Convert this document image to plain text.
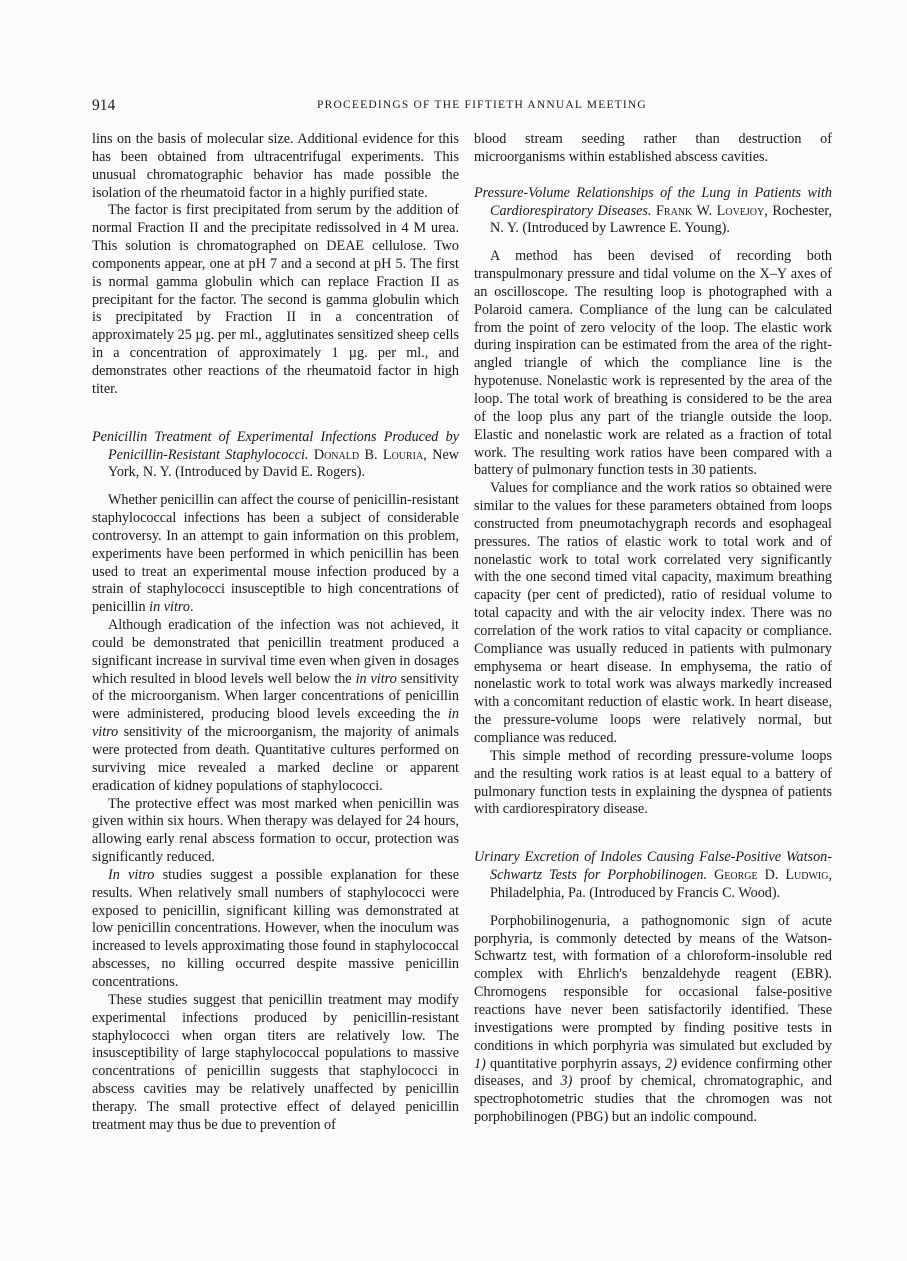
914	PROCEEDINGS OF THE FIFTIETH ANNUAL MEETING

lins on the basis of molecular size. Additional evidence for this has been obtained from ultracentrifugal experiments. This unusual chromatographic behavior has made possible the isolation of the rheumatoid factor in a highly purified state.

The factor is first precipitated from serum by the addition of normal Fraction II and the precipitate redissolved in 4 M urea. This solution is chromatographed on DEAE cellulose. Two components appear, one at pH 7 and a second at pH 5. The first is normal gamma globulin which can replace Fraction II as precipitant for the factor. The second is gamma globulin which is precipitated by Fraction II in a concentration of approximately 25 µg. per ml., agglutinates sensitized sheep cells in a concentration of approximately 1 µg. per ml., and demonstrates other reactions of the rheumatoid factor in high titer.

Penicillin Treatment of Experimental Infections Produced by Penicillin-Resistant Staphylococci. Donald B. Louria, New York, N. Y. (Introduced by David E. Rogers).

Whether penicillin can affect the course of penicillin-resistant staphylococcal infections has been a subject of considerable controversy. In an attempt to gain information on this problem, experiments have been performed in which penicillin has been used to treat an experimental mouse infection produced by a strain of staphylococci insusceptible to high concentrations of penicillin in vitro.

Although eradication of the infection was not achieved, it could be demonstrated that penicillin treatment produced a significant increase in survival time even when given in dosages which resulted in blood levels well below the in vitro sensitivity of the microorganism. When larger concentrations of penicillin were administered, producing blood levels exceeding the in vitro sensitivity of the microorganism, the majority of animals were protected from death. Quantitative cultures performed on surviving mice revealed a marked decline or apparent eradication of kidney populations of staphylococci.

The protective effect was most marked when penicillin was given within six hours. When therapy was delayed for 24 hours, allowing early renal abscess formation to occur, protection was significantly reduced.

In vitro studies suggest a possible explanation for these results. When relatively small numbers of staphylococci were exposed to penicillin, significant killing was demonstrated at low penicillin concentrations. However, when the inoculum was increased to levels approximating those found in staphylococcal abscesses, no killing occurred despite massive penicillin concentrations.

These studies suggest that penicillin treatment may modify experimental infections produced by penicillin-resistant staphylococci when organ titers are relatively low. The insusceptibility of large staphylococcal populations to massive concentrations of penicillin suggests that staphylococci in abscess cavities may be relatively unaffected by penicillin therapy. The small protective effect of delayed penicillin treatment may thus be due to prevention of

blood stream seeding rather than destruction of microorganisms within established abscess cavities.

Pressure-Volume Relationships of the Lung in Patients with Cardiorespiratory Diseases. Frank W. Lovejoy, Rochester, N. Y. (Introduced by Lawrence E. Young).

A method has been devised of recording both transpulmonary pressure and tidal volume on the X–Y axes of an oscilloscope. The resulting loop is photographed with a Polaroid camera. Compliance of the lung can be calculated from the point of zero velocity of the loop. The elastic work during inspiration can be estimated from the area of the right-angled triangle of which the compliance line is the hypotenuse. Nonelastic work is represented by the area of the loop. The total work of breathing is considered to be the area of the loop plus any part of the triangle outside the loop. Elastic and nonelastic work are related as a fraction of total work. The resulting work ratios have been compared with a battery of pulmonary function tests in 30 patients.

Values for compliance and the work ratios so obtained were similar to the values for these parameters obtained from loops constructed from pneumotachygraph records and esophageal pressures. The ratios of elastic work to total work and of nonelastic work to total work correlated very significantly with the one second timed vital capacity, maximum breathing capacity (per cent of predicted), ratio of residual volume to total capacity and with the air velocity index. There was no correlation of the work ratios to vital capacity or compliance. Compliance was usually reduced in patients with pulmonary emphysema or heart disease. In emphysema, the ratio of nonelastic work to total work was always markedly increased with a concomitant reduction of elastic work. In heart disease, the pressure-volume loops were relatively normal, but compliance was reduced.

This simple method of recording pressure-volume loops and the resulting work ratios is at least equal to a battery of pulmonary function tests in explaining the dyspnea of patients with cardiorespiratory disease.

Urinary Excretion of Indoles Causing False-Positive Watson-Schwartz Tests for Porphobilinogen. George D. Ludwig, Philadelphia, Pa. (Introduced by Francis C. Wood).

Porphobilinogenuria, a pathognomonic sign of acute porphyria, is commonly detected by means of the Watson-Schwartz test, with formation of a chloroform-insoluble red complex with Ehrlich's benzaldehyde reagent (EBR). Chromogens responsible for occasional false-positive reactions have never been satisfactorily identified. These investigations were prompted by finding positive tests in conditions in which porphyria was simulated but excluded by 1) quantitative porphyrin assays, 2) evidence confirming other diseases, and 3) proof by chemical, chromatographic, and spectrophotometric studies that the chromogen was not porphobilinogen (PBG) but an indolic compound.
